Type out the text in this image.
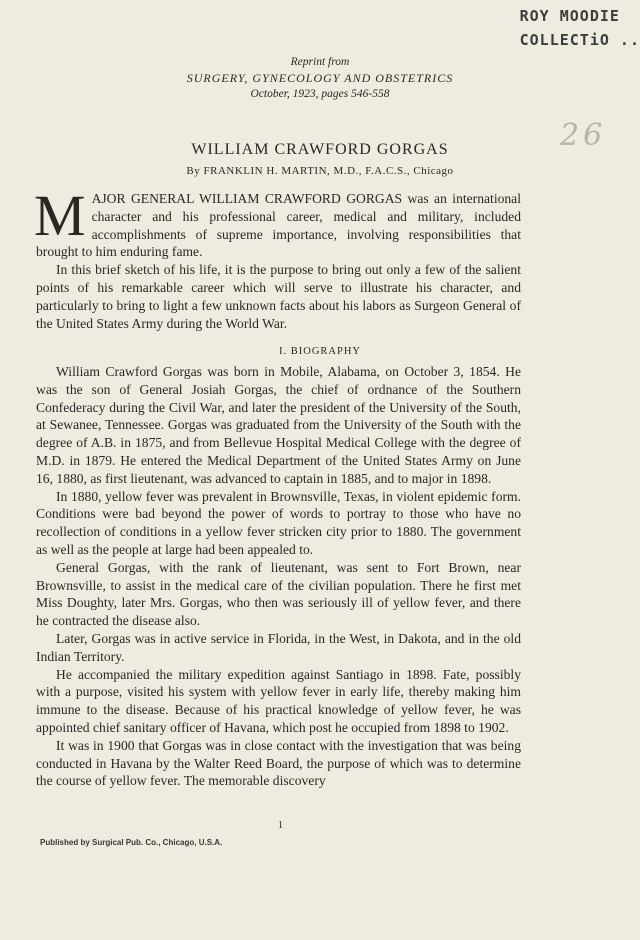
ROY MOODIE
COLLECTiO ..
26
Reprint from
SURGERY, GYNECOLOGY AND OBSTETRICS
October, 1923, pages 546-558
WILLIAM CRAWFORD GORGAS
By FRANKLIN H. MARTIN, M.D., F.A.C.S., Chicago

MAJOR GENERAL WILLIAM CRAWFORD GORGAS was an international character and his professional career, medical and military, included accomplishments of supreme importance, involving responsibilities that brought to him enduring fame.

In this brief sketch of his life, it is the purpose to bring out only a few of the salient points of his remarkable career which will serve to illustrate his character, and particularly to bring to light a few unknown facts about his labors as Surgeon General of the United States Army during the World War.

I. BIOGRAPHY

William Crawford Gorgas was born in Mobile, Alabama, on October 3, 1854. He was the son of General Josiah Gorgas, the chief of ordnance of the Southern Confederacy during the Civil War, and later the president of the University of the South, at Sewanee, Tennessee. Gorgas was graduated from the University of the South with the degree of A.B. in 1875, and from Bellevue Hospital Medical College with the degree of M.D. in 1879. He entered the Medical Department of the United States Army on June 16, 1880, as first lieutenant, was advanced to captain in 1885, and to major in 1898.

In 1880, yellow fever was prevalent in Brownsville, Texas, in violent epidemic form. Conditions were bad beyond the power of words to portray to those who have no recollection of conditions in a yellow fever stricken city prior to 1880. The government as well as the people at large had been appealed to.

General Gorgas, with the rank of lieutenant, was sent to Fort Brown, near Brownsville, to assist in the medical care of the civilian population. There he first met Miss Doughty, later Mrs. Gorgas, who then was seriously ill of yellow fever, and there he contracted the disease also.

Later, Gorgas was in active service in Florida, in the West, in Dakota, and in the old Indian Territory.

He accompanied the military expedition against Santiago in 1898. Fate, possibly with a purpose, visited his system with yellow fever in early life, thereby making him immune to the disease. Because of his practical knowledge of yellow fever, he was appointed chief sanitary officer of Havana, which post he occupied from 1898 to 1902.

It was in 1900 that Gorgas was in close contact with the investigation that was being conducted in Havana by the Walter Reed Board, the purpose of which was to determine the course of yellow fever. The memorable discovery

1
Published by Surgical Pub. Co., Chicago, U.S.A.
